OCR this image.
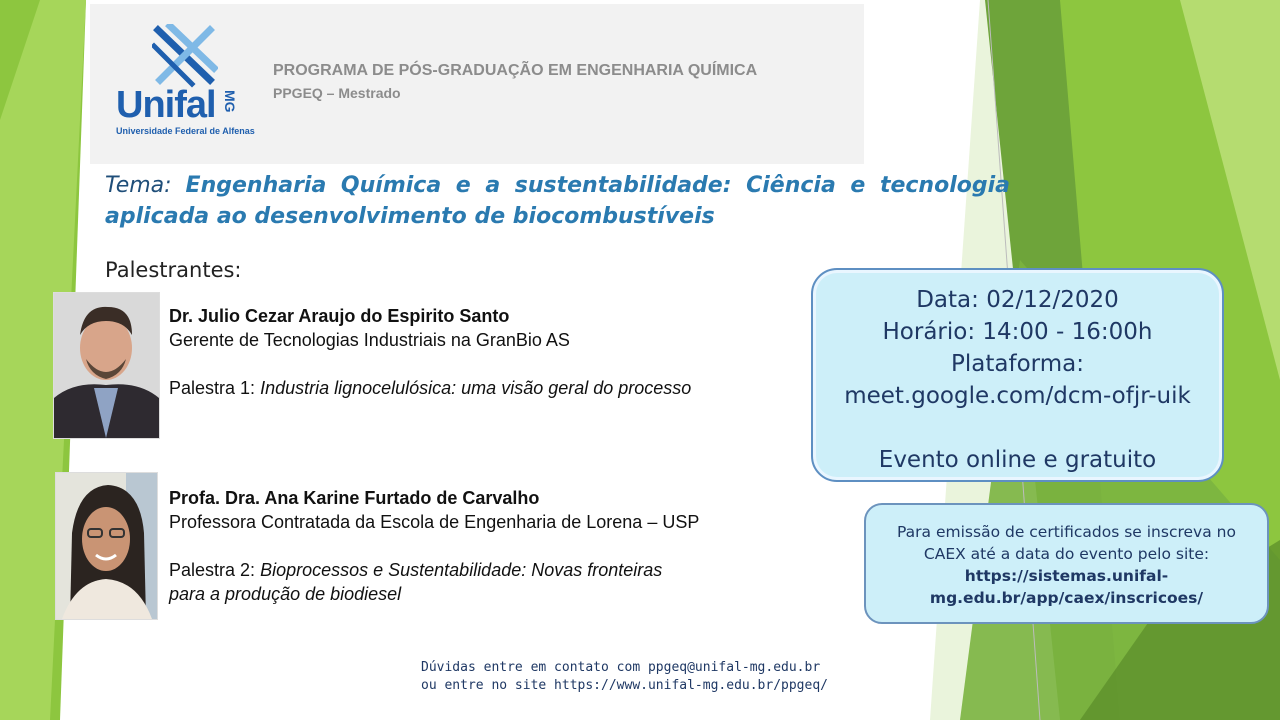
Unifal MG
Universidade Federal de Alfenas
PROGRAMA DE PÓS-GRADUAÇÃO EM ENGENHARIA QUÍMICA
PPGEQ – Mestrado
Tema: Engenharia Química e a sustentabilidade: Ciência e tecnologia aplicada ao desenvolvimento de biocombustíveis
Palestrantes:
Dr. Julio Cezar Araujo do Espirito Santo
Gerente de Tecnologias Industriais na GranBio AS
Palestra 1: Industria lignocelulósica: uma visão geral do processo
Profa. Dra. Ana Karine Furtado de Carvalho
Professora Contratada da Escola de Engenharia de Lorena – USP
Palestra 2: Bioprocessos e Sustentabilidade: Novas fronteiras
para a produção de biodiesel
Data: 02/12/2020
Horário: 14:00 - 16:00h
Plataforma:
meet.google.com/dcm-ofjr-uik
Evento online e gratuito
Para emissão de certificados se inscreva no
CAEX até a data do evento pelo site:
https://sistemas.unifal-
mg.edu.br/app/caex/inscricoes/
Dúvidas entre em contato com ppgeq@unifal-mg.edu.br
ou entre no site https://www.unifal-mg.edu.br/ppgeq/
